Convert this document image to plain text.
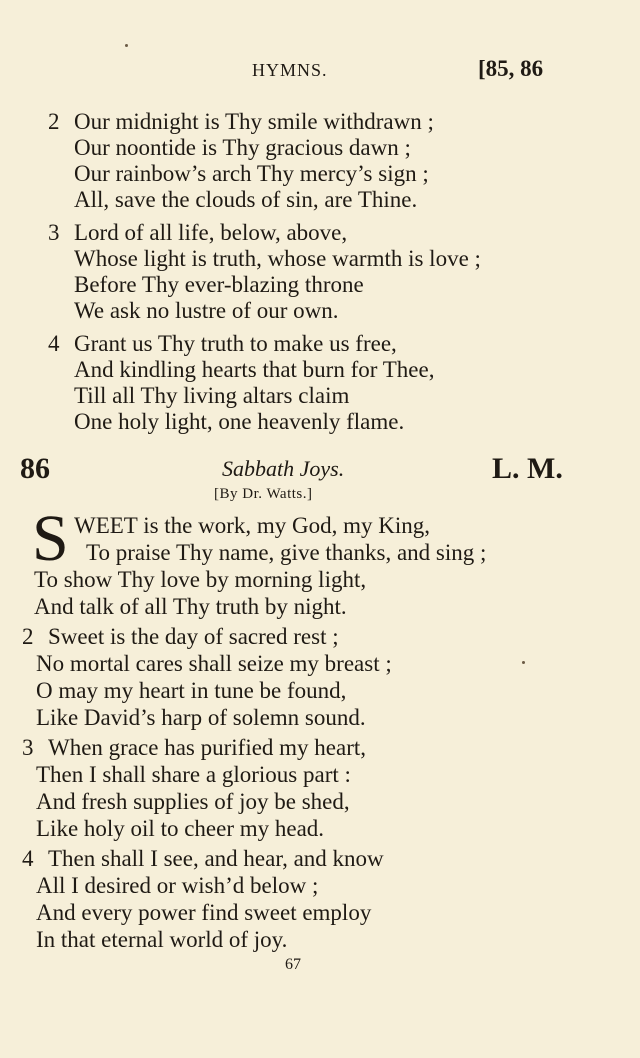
HYMNS.	[85, 86
2 Our midnight is Thy smile withdrawn ;
Our noontide is Thy gracious dawn ;
Our rainbow’s arch Thy mercy’s sign ;
All, save the clouds of sin, are Thine.
3 Lord of all life, below, above,
Whose light is truth, whose warmth is love ;
Before Thy ever-blazing throne
We ask no lustre of our own.
4 Grant us Thy truth to make us free,
And kindling hearts that burn for Thee,
Till all Thy living altars claim
One holy light, one heavenly flame.
86	Sabbath Joys.	L. M.
[By Dr. Watts.]
S WEET is the work, my God, my King,
To praise Thy name, give thanks, and sing ;
To show Thy love by morning light,
And talk of all Thy truth by night.
2 Sweet is the day of sacred rest ;
No mortal cares shall seize my breast ;
O may my heart in tune be found,
Like David’s harp of solemn sound.
3 When grace has purified my heart,
Then I shall share a glorious part :
And fresh supplies of joy be shed,
Like holy oil to cheer my head.
4 Then shall I see, and hear, and know
All I desired or wish’d below ;
And every power find sweet employ
In that eternal world of joy.
67
